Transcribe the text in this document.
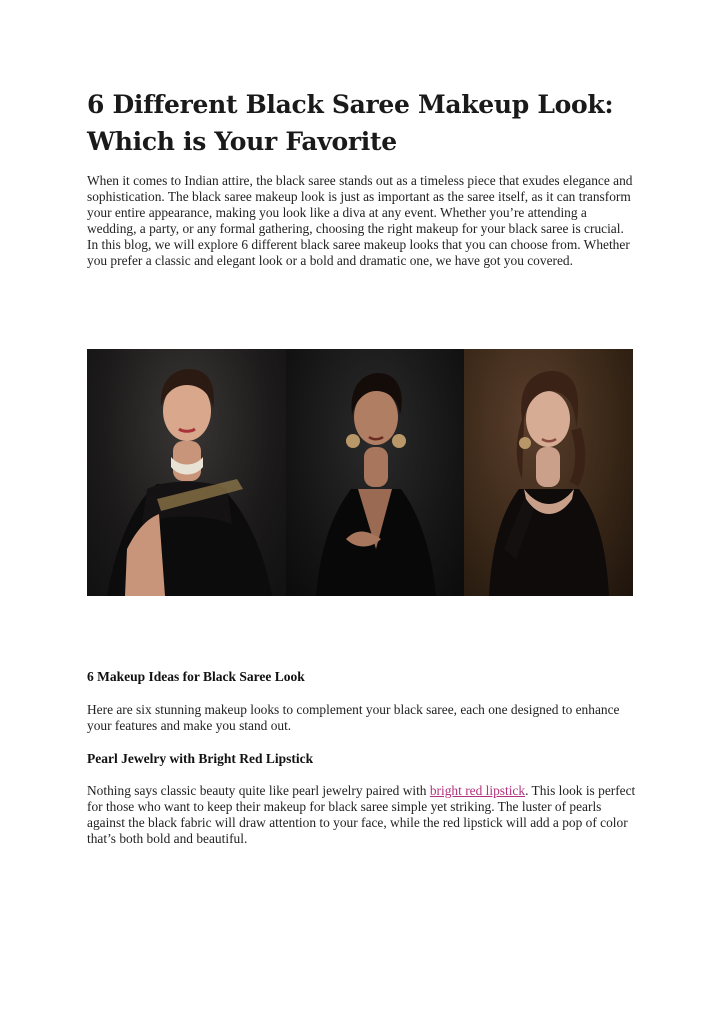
6 Different Black Saree Makeup Look: Which is Your Favorite

When it comes to Indian attire, the black saree stands out as a timeless piece that exudes elegance and sophistication. The black saree makeup look is just as important as the saree itself, as it can transform your entire appearance, making you look like a diva at any event. Whether you’re attending a wedding, a party, or any formal gathering, choosing the right makeup for your black saree is crucial. In this blog, we will explore 6 different black saree makeup looks that you can choose from. Whether you prefer a classic and elegant look or a bold and dramatic one, we have got you covered.

6 Makeup Ideas for Black Saree Look

Here are six stunning makeup looks to complement your black saree, each one designed to enhance your features and make you stand out.

Pearl Jewelry with Bright Red Lipstick

Nothing says classic beauty quite like pearl jewelry paired with bright red lipstick. This look is perfect for those who want to keep their makeup for black saree simple yet striking. The luster of pearls against the black fabric will draw attention to your face, while the red lipstick will add a pop of color that’s both bold and beautiful.
